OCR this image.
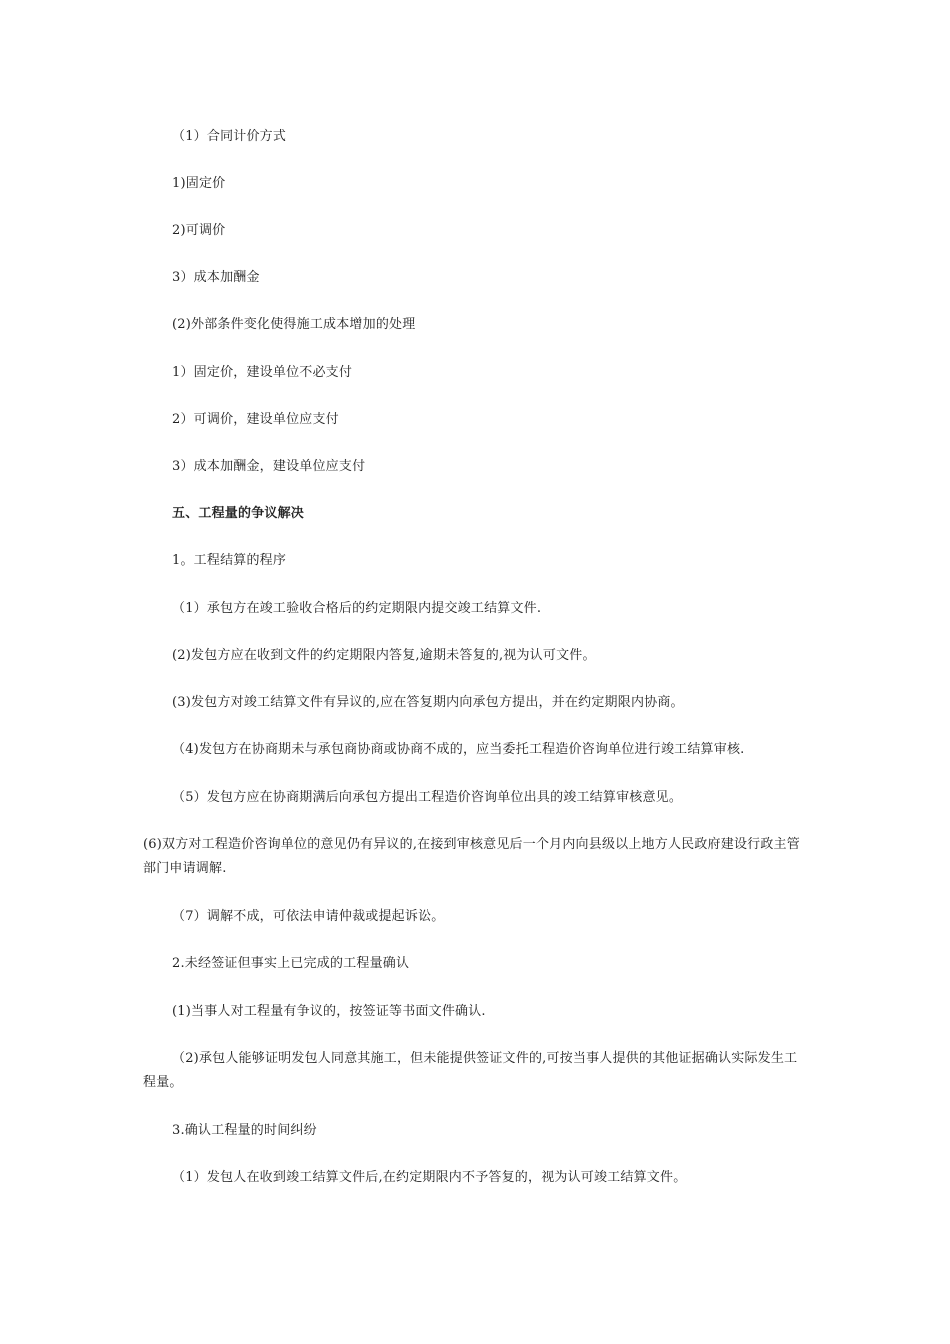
（1）合同计价方式
1)固定价
2)可调价
3）成本加酬金
(2)外部条件变化使得施工成本增加的处理
1）固定价，建设单位不必支付
2）可调价，建设单位应支付
3）成本加酬金，建设单位应支付
五、工程量的争议解决
1。工程结算的程序
（1）承包方在竣工验收合格后的约定期限内提交竣工结算文件.
(2)发包方应在收到文件的约定期限内答复,逾期未答复的,视为认可文件。
(3)发包方对竣工结算文件有异议的,应在答复期内向承包方提出，并在约定期限内协商。
（4)发包方在协商期未与承包商协商或协商不成的，应当委托工程造价咨询单位进行竣工结算审核.
（5）发包方应在协商期满后向承包方提出工程造价咨询单位出具的竣工结算审核意见。
(6)双方对工程造价咨询单位的意见仍有异议的,在接到审核意见后一个月内向县级以上地方人民政府建设行政主管部门申请调解.
（7）调解不成，可依法申请仲裁或提起诉讼。
2.未经签证但事实上已完成的工程量确认
(1)当事人对工程量有争议的，按签证等书面文件确认.
（2)承包人能够证明发包人同意其施工，但未能提供签证文件的,可按当事人提供的其他证据确认实际发生工程量。
3.确认工程量的时间纠纷
（1）发包人在收到竣工结算文件后,在约定期限内不予答复的，视为认可竣工结算文件。
